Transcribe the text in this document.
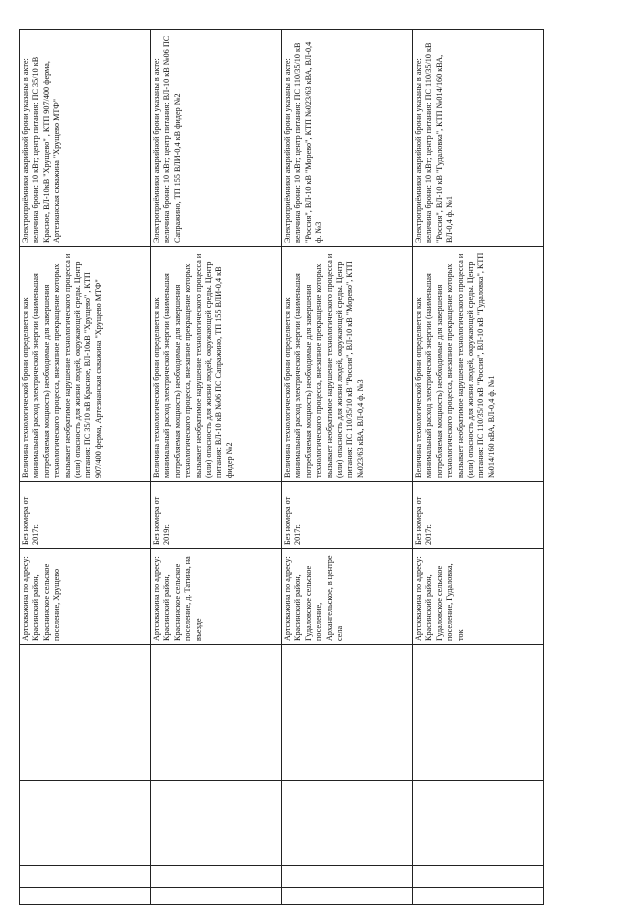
	Артскважина по адресу: Красинский район, Краснинское сельское поселение, Хрущево	Без номера от 2017г.	Величина технологической брони определяется как минимальный расход электрической энергии (наименьшая потребляемая мощность) необходимые для завершения технологического процесса, внезапное прекращение которых вызывает необратимое нарушение технологического процесса и (или) опасность для жизни людей, окружающей среды. Центр питания: ПС 35/10 кВ Красное, ВЛ-10кВ "Хрущево" , КТП 907/400 ферма, Артезианская скважина "Хрущево МТФ"	Электроприёмники аварийной брони указаны в акте: величина брони: 10 кВт; центр питания: ПС 35/10 кВ Красное, ВЛ-10кВ "Хрущево" , КТП 907/400 ферма, Артезианская скважина "Хрущево МТФ"
	Артскважина по адресу: Красинский район, Краснинское сельское поселение, д. Татина, на въезде	Без номера от 2019г.	Величина технологической брони определяется как минимальный расход электрической энергии (наименьшая потребляемая мощность) необходимые для завершения технологического процесса, внезапное прекращение которых вызывает необратимое нарушение технологического процесса и (или) опасность для жизни людей, окружающей среды. Центр питания: ВЛ-10 кВ №06 ПС Сапражино, ТП 155 ВЛИ-0,4 кВ фидер №2	Электроприёмники аварийной брони указаны в акте: величина брони: 10 кВт; центр питания: ВЛ-10 кВ №06 ПС Сапражино, ТП 155 ВЛИ-0,4 кВ фидер №2
	Артскважина по адресу: Красинский район, Гудаловское сельское поселение, Архангельское, в центре села	Без номера от 2017г.	Величина технологической брони определяется как минимальный расход электрической энергии (наименьшая потребляемая мощность) необходимые для завершения технологического процесса, внезапное прекращение которых вызывает необратимое нарушение технологического процесса и (или) опасность для жизни людей, окружающей среды. Центр питания: ПС 110/35/10 кВ "Россия", ВЛ-10 кВ "Морево", КТП №023/63 кВА, ВЛ-0,4 ф. №3	Электроприёмники аварийной брони указаны в акте: величина брони: 10 кВт; центр питания: ПС 110/35/10 кВ "Россия", ВЛ-10 кВ "Морево", КТП №023/63 кВА, ВЛ-0,4 ф. №3
	Артскважина по адресу: Красинский район, Гудаловское сельское поселение, Гудаловка, ток	Без номера от 2017г.	Величина технологической брони определяется как минимальный расход электрической энергии (наименьшая потребляемая мощность) необходимые для завершения технологического процесса, внезапное прекращение которых вызывает необратимое нарушение технологического процесса и (или) опасность для жизни людей, окружающей среды. Центр питания: ПС 110/35/10 кВ "Россия", ВЛ-10 кВ "Гудаловка", КТП №014/160 кВА, ВЛ-0,4 ф. №1	Электроприёмники аварийной брони указаны в акте: величина брони: 10 кВт; центр питания: ПС 110/35/10 кВ "Россия", ВЛ-10 кВ "Гудаловка", КТП №014/160 кВА, ВЛ-0,4 ф. №1
